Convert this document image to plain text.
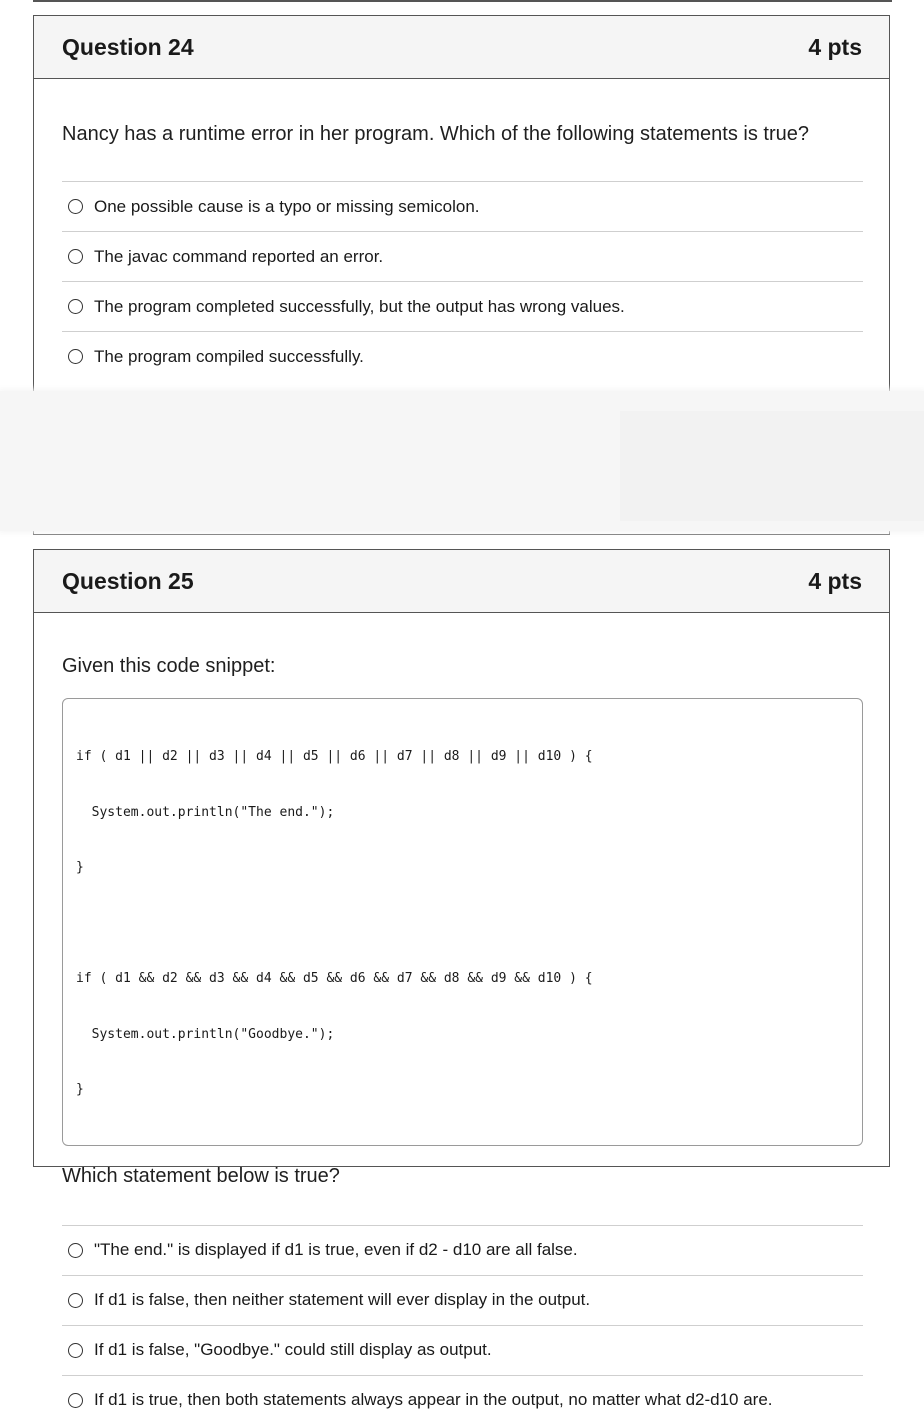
Question 24	4 pts

Nancy has a runtime error in her program. Which of the following statements is true?

One possible cause is a typo or missing semicolon.
The javac command reported an error.
The program completed successfully, but the output has wrong values.
The program compiled successfully.
Question 25	4 pts

Given this code snippet:

if ( d1 || d2 || d3 || d4 || d5 || d6 || d7 || d8 || d9 || d10 ) {

System.out.println("The end.");

}

if ( d1 && d2 && d3 && d4 && d5 && d6 && d7 && d8 && d9 && d10 ) {

System.out.println("Goodbye.");

}

Which statement below is true?

"The end." is displayed if d1 is true, even if d2 - d10 are all false.
If d1 is false, then neither statement will ever display in the output.
If d1 is false, "Goodbye." could still display as output.
If d1 is true, then both statements always appear in the output, no matter what d2-d10 are.
